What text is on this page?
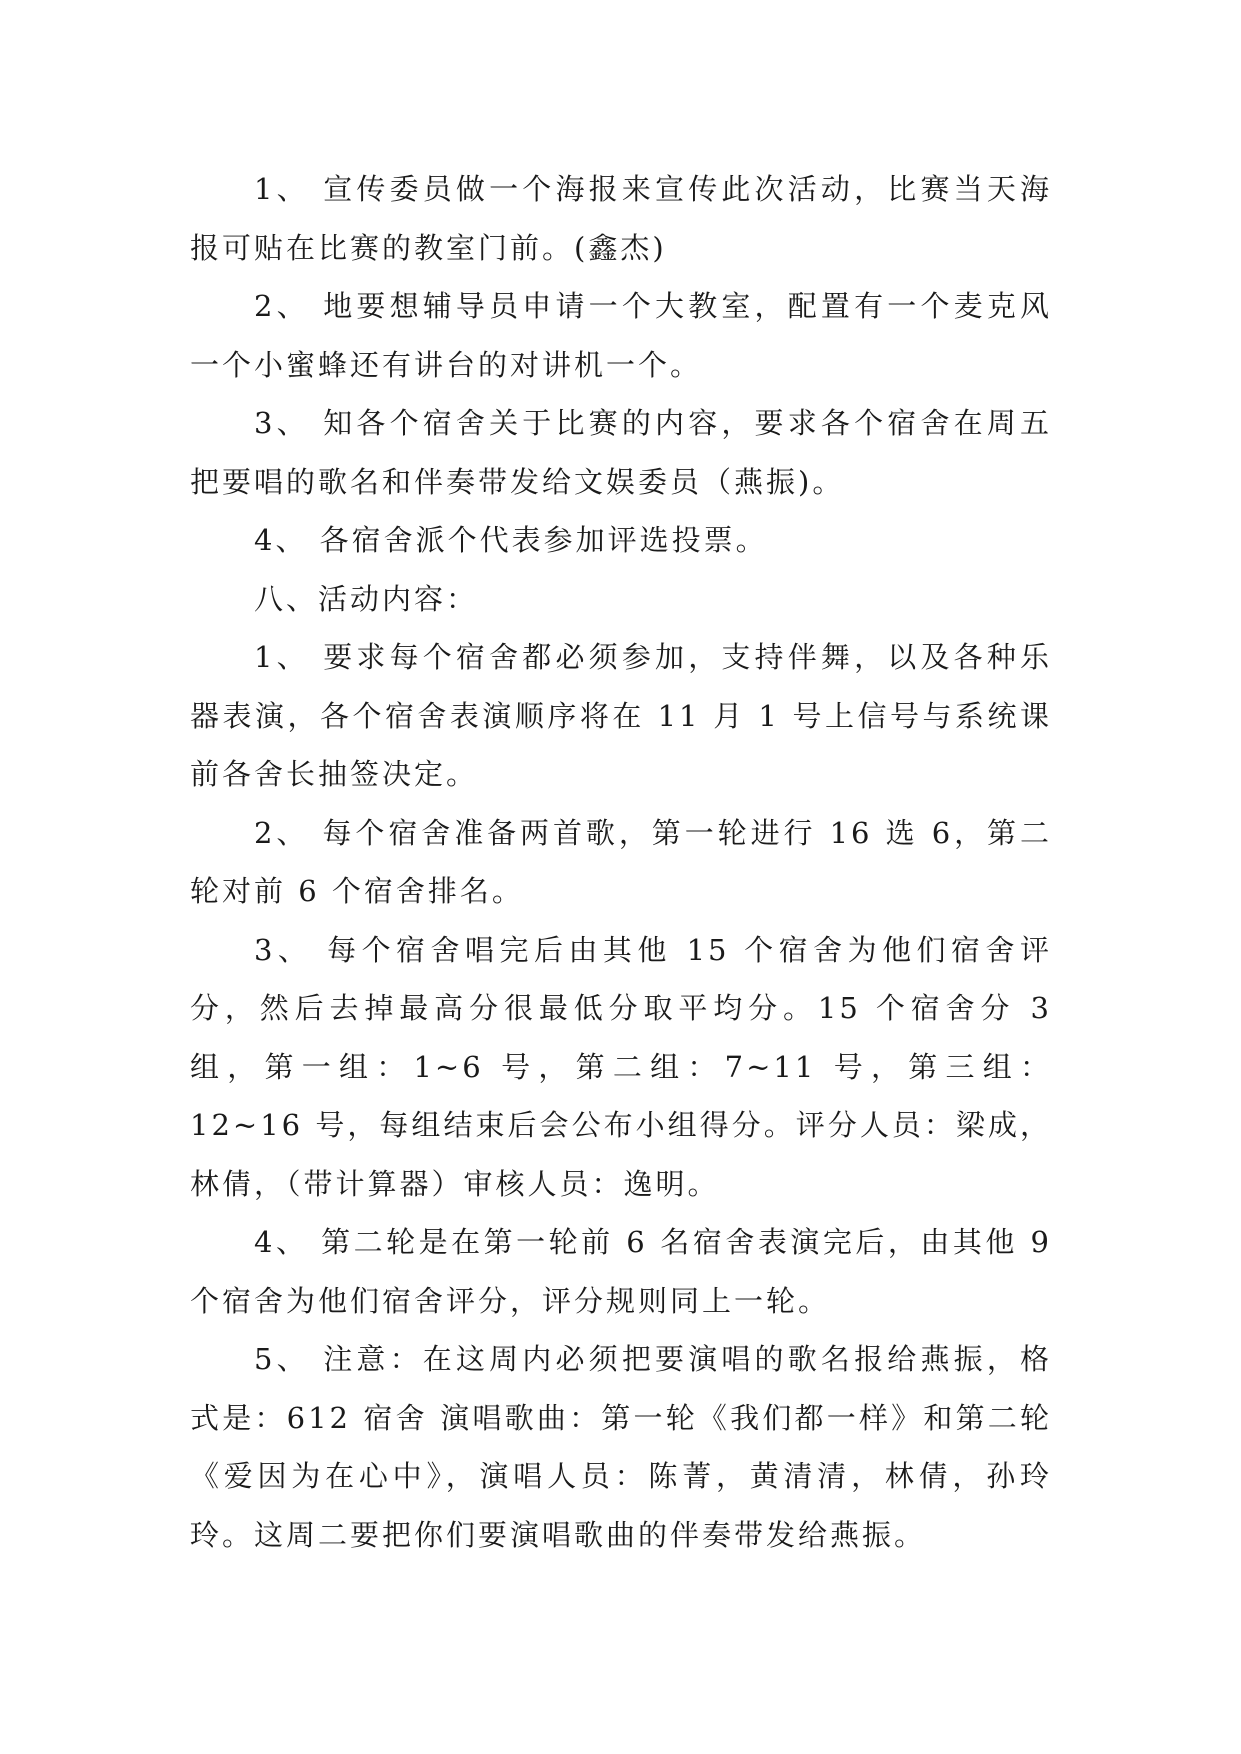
1、 宣传委员做一个海报来宣传此次活动，比赛当天海报可贴在比赛的教室门前。(鑫杰)

2、 地要想辅导员申请一个大教室，配置有一个麦克风一个小蜜蜂还有讲台的对讲机一个。

3、 知各个宿舍关于比赛的内容，要求各个宿舍在周五把要唱的歌名和伴奏带发给文娱委员（燕振)。

4、 各宿舍派个代表参加评选投票。

八、活动内容：

1、 要求每个宿舍都必须参加，支持伴舞，以及各种乐器表演，各个宿舍表演顺序将在 11 月 1 号上信号与系统课前各舍长抽签决定。

2、 每个宿舍准备两首歌，第一轮进行 16 选 6，第二轮对前 6 个宿舍排名。

3、 每个宿舍唱完后由其他 15 个宿舍为他们宿舍评分，然后去掉最高分很最低分取平均分。15 个宿舍分 3 组，第一组：1~6 号，第二组：7~11 号，第三组：12~16 号，每组结束后会公布小组得分。评分人员：梁成，林倩，（带计算器）审核人员：逸明。

4、 第二轮是在第一轮前 6 名宿舍表演完后，由其他 9 个宿舍为他们宿舍评分，评分规则同上一轮。

5、 注意：在这周内必须把要演唱的歌名报给燕振，格式是：612 宿舍 演唱歌曲：第一轮《我们都一样》和第二轮《爱因为在心中》，演唱人员：陈菁，黄清清，林倩，孙玲玲。这周二要把你们要演唱歌曲的伴奏带发给燕振。
